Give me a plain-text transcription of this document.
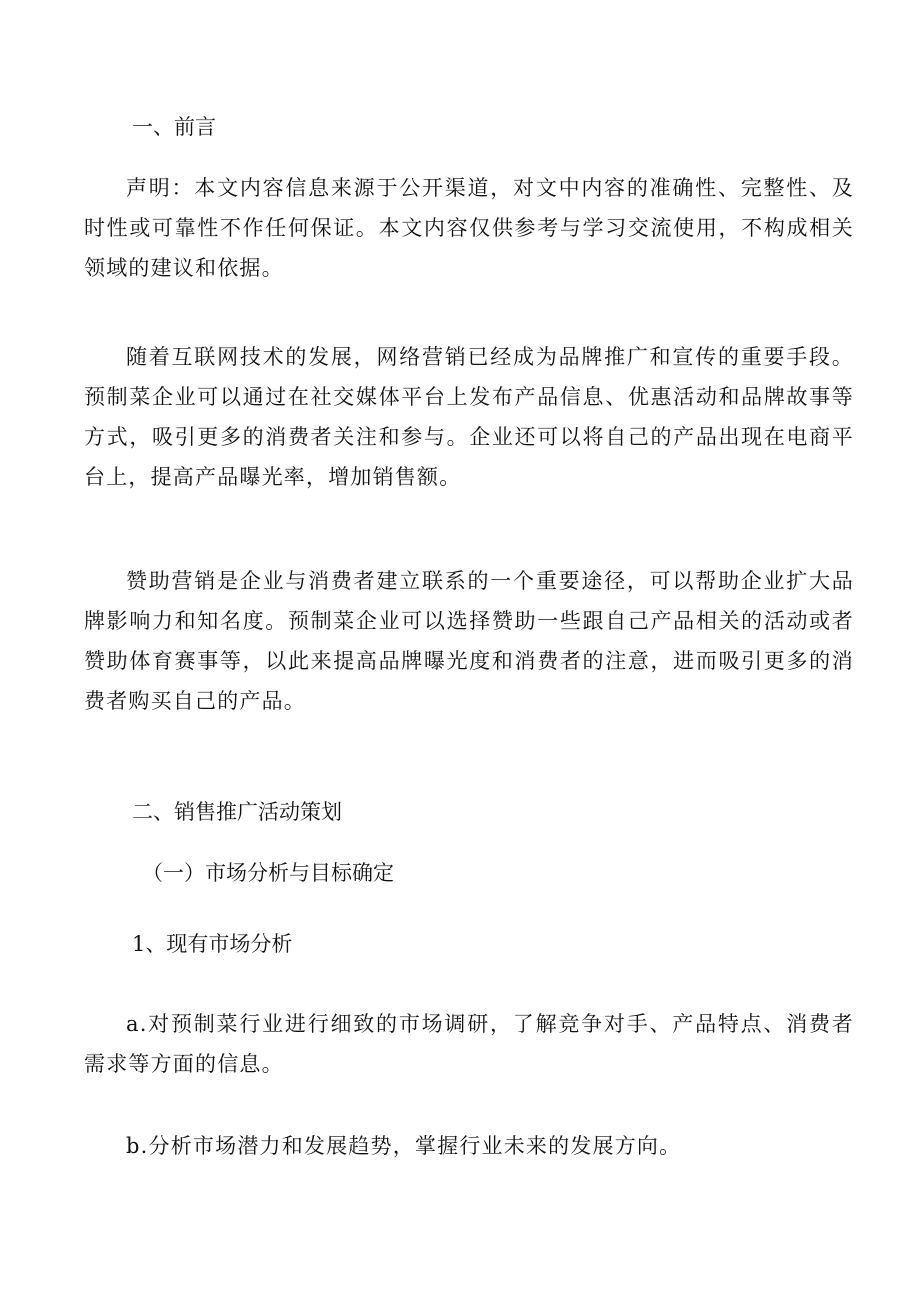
一、前言

声明：本文内容信息来源于公开渠道，对文中内容的准确性、完整性、及时性或可靠性不作任何保证。本文内容仅供参考与学习交流使用，不构成相关领域的建议和依据。

随着互联网技术的发展，网络营销已经成为品牌推广和宣传的重要手段。预制菜企业可以通过在社交媒体平台上发布产品信息、优惠活动和品牌故事等方式，吸引更多的消费者关注和参与。企业还可以将自己的产品出现在电商平台上，提高产品曝光率，增加销售额。

赞助营销是企业与消费者建立联系的一个重要途径，可以帮助企业扩大品牌影响力和知名度。预制菜企业可以选择赞助一些跟自己产品相关的活动或者赞助体育赛事等，以此来提高品牌曝光度和消费者的注意，进而吸引更多的消费者购买自己的产品。

二、销售推广活动策划
（一）市场分析与目标确定
1、现有市场分析

a.对预制菜行业进行细致的市场调研，了解竞争对手、产品特点、消费者需求等方面的信息。

b.分析市场潜力和发展趋势，掌握行业未来的发展方向。
